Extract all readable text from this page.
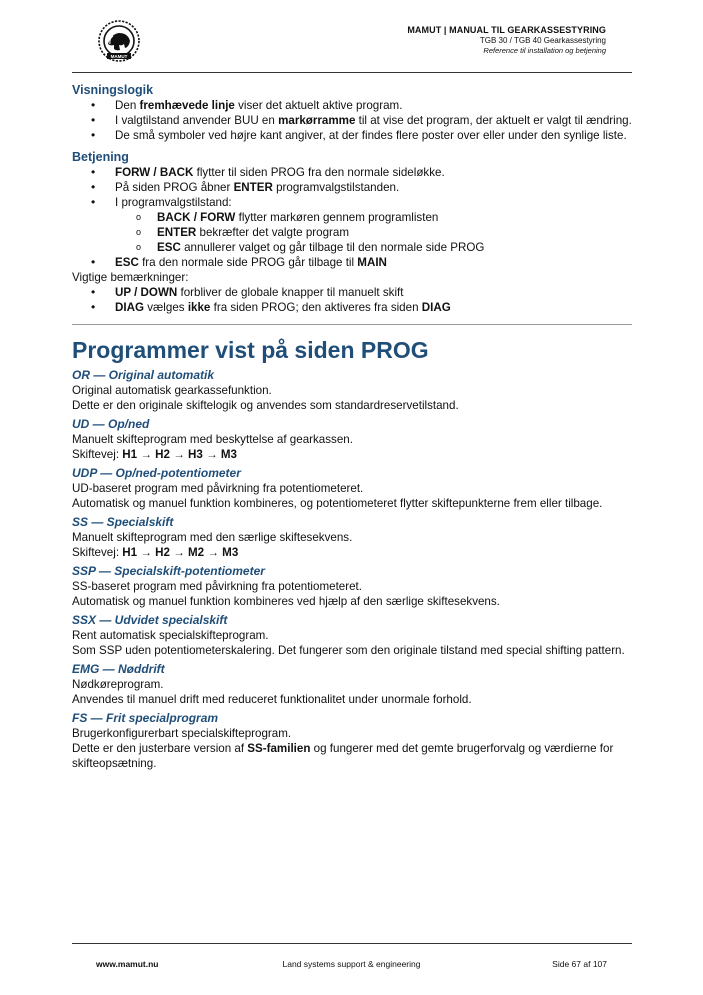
MAMUT
MAMUT | MANUAL TIL GEARKASSESTYRING
TGB 30 / TGB 40 Gearkassestyring
Reference til installation og betjening

Visningslogik

• Den fremhævede linje viser det aktuelt aktive program.
• I valgtilstand anvender BUU en markørramme til at vise det program, der aktuelt er valgt til ændring.
• De små symboler ved højre kant angiver, at der findes flere poster over eller under den synlige liste.

Betjening

• FORW / BACK flytter til siden PROG fra den normale sideløkke.
• På siden PROG åbner ENTER programvalgstilstanden.
• I programvalgstilstand:
o BACK / FORW flytter markøren gennem programlisten
o ENTER bekræfter det valgte program
o ESC annullerer valget og går tilbage til den normale side PROG
• ESC fra den normale side PROG går tilbage til MAIN

Vigtige bemærkninger:

• UP / DOWN forbliver de globale knapper til manuelt skift
• DIAG vælges ikke fra siden PROG; den aktiveres fra siden DIAG
Programmer vist på siden PROG

OR — Original automatik

Original automatisk gearkassefunktion.

Dette er den originale skiftelogik og anvendes som standardreservetilstand.

UD — Op/ned

Manuelt skifteprogram med beskyttelse af gearkassen.

Skiftevej: H1 → H2 → H3 → M3

UDP — Op/ned-potentiometer

UD-baseret program med påvirkning fra potentiometeret.

Automatisk og manuel funktion kombineres, og potentiometeret flytter skiftepunkterne frem eller tilbage.

SS — Specialskift

Manuelt skifteprogram med den særlige skiftesekvens.

Skiftevej: H1 → H2 → M2 → M3

SSP — Specialskift-potentiometer

SS-baseret program med påvirkning fra potentiometeret.

Automatisk og manuel funktion kombineres ved hjælp af den særlige skiftesekvens.

SSX — Udvidet specialskift

Rent automatisk specialskifteprogram.

Som SSP uden potentiometerskalering. Det fungerer som den originale tilstand med special shifting pattern.

EMG — Nøddrift

Nødkøreprogram.

Anvendes til manuel drift med reduceret funktionalitet under unormale forhold.

FS — Frit specialprogram

Brugerkonfigurerbart specialskifteprogram.

Dette er den justerbare version af SS-familien og fungerer med det gemte brugerforvalg og værdierne for skifteopsætning.

www.mamut.nu	Land systems support & engineering	Side 67 af 107
